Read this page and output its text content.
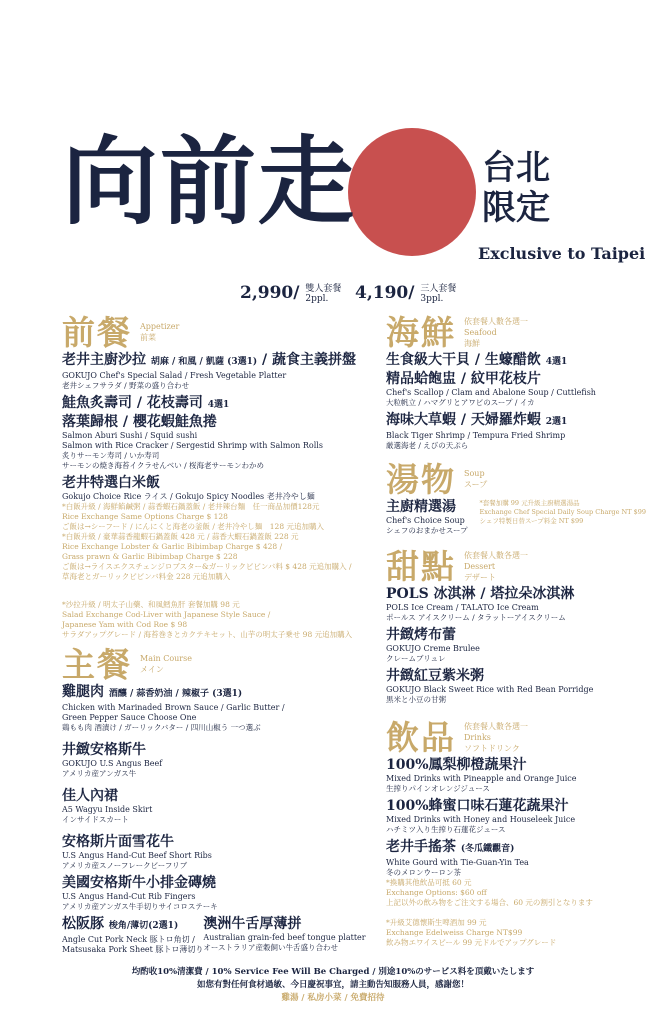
向前走	台北
限定
Exclusive to Taipei
2,990/ 雙人套餐
2ppl.	4,190/ 三人套餐
3ppl.
前餐 Appetizer
前菜
老井主廚沙拉 胡麻 / 和風 / 凱薩 (3選1) / 蔬食主義拼盤
GOKUJO Chef's Special Salad / Fresh Vegetable Platter
老井シェフサラダ / 野菜の盛り合わせ
鮭魚炙壽司 / 花枝壽司 4選1
落葉歸根 / 櫻花蝦鮭魚捲
Salmon Aburi Sushi / Squid sushi
Salmon with Rice Cracker / Sergestid Shrimp with Salmon Rolls
炙りサーモン寿司 / いか寿司
サーモンの焼き海苔イクラせんべい / 桜海老サーモンわかめ
老井特選白米飯
Gokujo Choice Rice ライス / Gokujo Spicy Noodles 老井冷やし麺
*白飯升級 / 海鮮餡鹹粥 / 蒜香蝦石鍋蓋飯 / 老井辣台麵　任一商品加價128元
Rice Exchange Same Options Charge $ 128
ご飯は→シーフード / にんにくと海老の釜飯 / 老井冷やし麺　128 元追加購入
*白飯升級 / 豪華蒜香龍蝦石鍋蓋飯 428 元 / 蒜香大蝦石鍋蓋飯 228 元
Rice Exchange Lobster & Garlic Bibimbap Charge $ 428 /
Grass prawn & Garlic Bibimbap Charge $ 228
ご飯は→ライスエクスチェンジロブスター&ガーリックビビンバ料 $ 428 元追加購入 /
草海老とガーリックビビンバ料金 228 元追加購入
*沙拉升級 / 明太子山藥、和風鱈魚肝 套餐加購 98 元
Salad Exchange Cod-Liver with Japanese Style Sauce /
Japanese Yam with Cod Roe $ 98
サラダアップグレード / 海苔巻きとカクテキセット、山芋の明太子乗せ 98 元追加購入
主餐 Main Course
メイン
雞腿肉 酒釀 / 蒜香奶油 / 辣椒子 (3選1)
Chicken with Marinaded Brown Sauce / Garlic Butter /
Green Pepper Sauce Choose One
鶏もも肉 酒漬け / ガーリックバター / 四川山椒う 一つ選ぶ
井緻安格斯牛
GOKUJO U.S Angus Beef
アメリカ産アンガス牛
佳人內裙
A5 Wagyu Inside Skirt
インサイドスカート
安格斯片面雪花牛
U.S Angus Hand-Cut Beef Short Ribs
アメリカ産スノーフレークビーフリブ
美國安格斯牛小排金磚燒
U.S Angus Hand-Cut Rib Fingers
アメリカ産アンガス牛手切りサイコロステーキ
松阪豚 梭角/薄切(2選1)
Angle Cut Pork Neck 豚トロ角切 /
Matsusaka Pork Sheet 豚トロ薄切り
澳洲牛舌厚薄拼
Australian grain-fed beef tongue platter
オーストラリア産穀飼い牛舌盛り合わせ
海鮮 依套餐人數各選一
Seafood
海鮮
生食級大干貝 / 生蠔醋飲 4選1
精品蛤飽盅 / 紋甲花枝片
Chef's Scallop / Clam and Abalone Soup / Cuttlefish
大粒帆立 / ハマグリとアワビのスープ / イカ
海味大草蝦 / 天婦羅炸蝦 2選1
Black Tiger Shrimp / Tempura Fried Shrimp
厳選海老 / えびの天ぷら
湯物 Soup
スープ
主廚精選湯
Chef's Choice Soup
シェフのおまかせスープ
*套餐加購 99 元升級主廚精選湯品
Exchange Chef Special Daily Soup Charge NT $99
シェフ特製日替スープ料金 NT $99
甜點 依套餐人數各選一
Dessert
デザート
POLS 冰淇淋 / 塔拉朵冰淇淋
POLS Ice Cream / TALATO Ice Cream
ポールス アイスクリーム / タラットーアイスクリーム
井緻烤布蕾
GOKUJO Creme Brulee
クレームブリュレ
井緻紅豆紫米粥
GOKUJO Black Sweet Rice with Red Bean Porridge
黒米と小豆の甘粥
飲品 依套餐人數各選一
Drinks
ソフトドリンク
100%鳳梨柳橙蔬果汁
Mixed Drinks with Pineapple and Orange Juice
生搾りパインオレンジジュース
100%蜂蜜口味石蓮花蔬果汁
Mixed Drinks with Honey and Houseleek Juice
ハチミツ入り生搾り石蓮花ジュース
老井手搖茶 (冬瓜鐵觀音)
White Gourd with Tie-Guan-Yin Tea
冬のメロンウーロン茶
*換購其他飲品可抵 60 元
Exchange Options: $60 off
上記以外の飲み物をご注文する場合、60 元の割引となります
*升級艾德懷斯生啤酒加 99 元
Exchange Edelweiss Charge NT$99
飲み物エワイスビール 99 元ドルでアップグレード
均酌收10%清潔費 / 10% Service Fee Will Be Charged / 別途10%のサービス料を頂戴いたします
如您有對任何食材過敏、今日慶祝事宜，請主動告知服務人員，感謝您！
雞湯 / 私房小菜 / 免費招待
